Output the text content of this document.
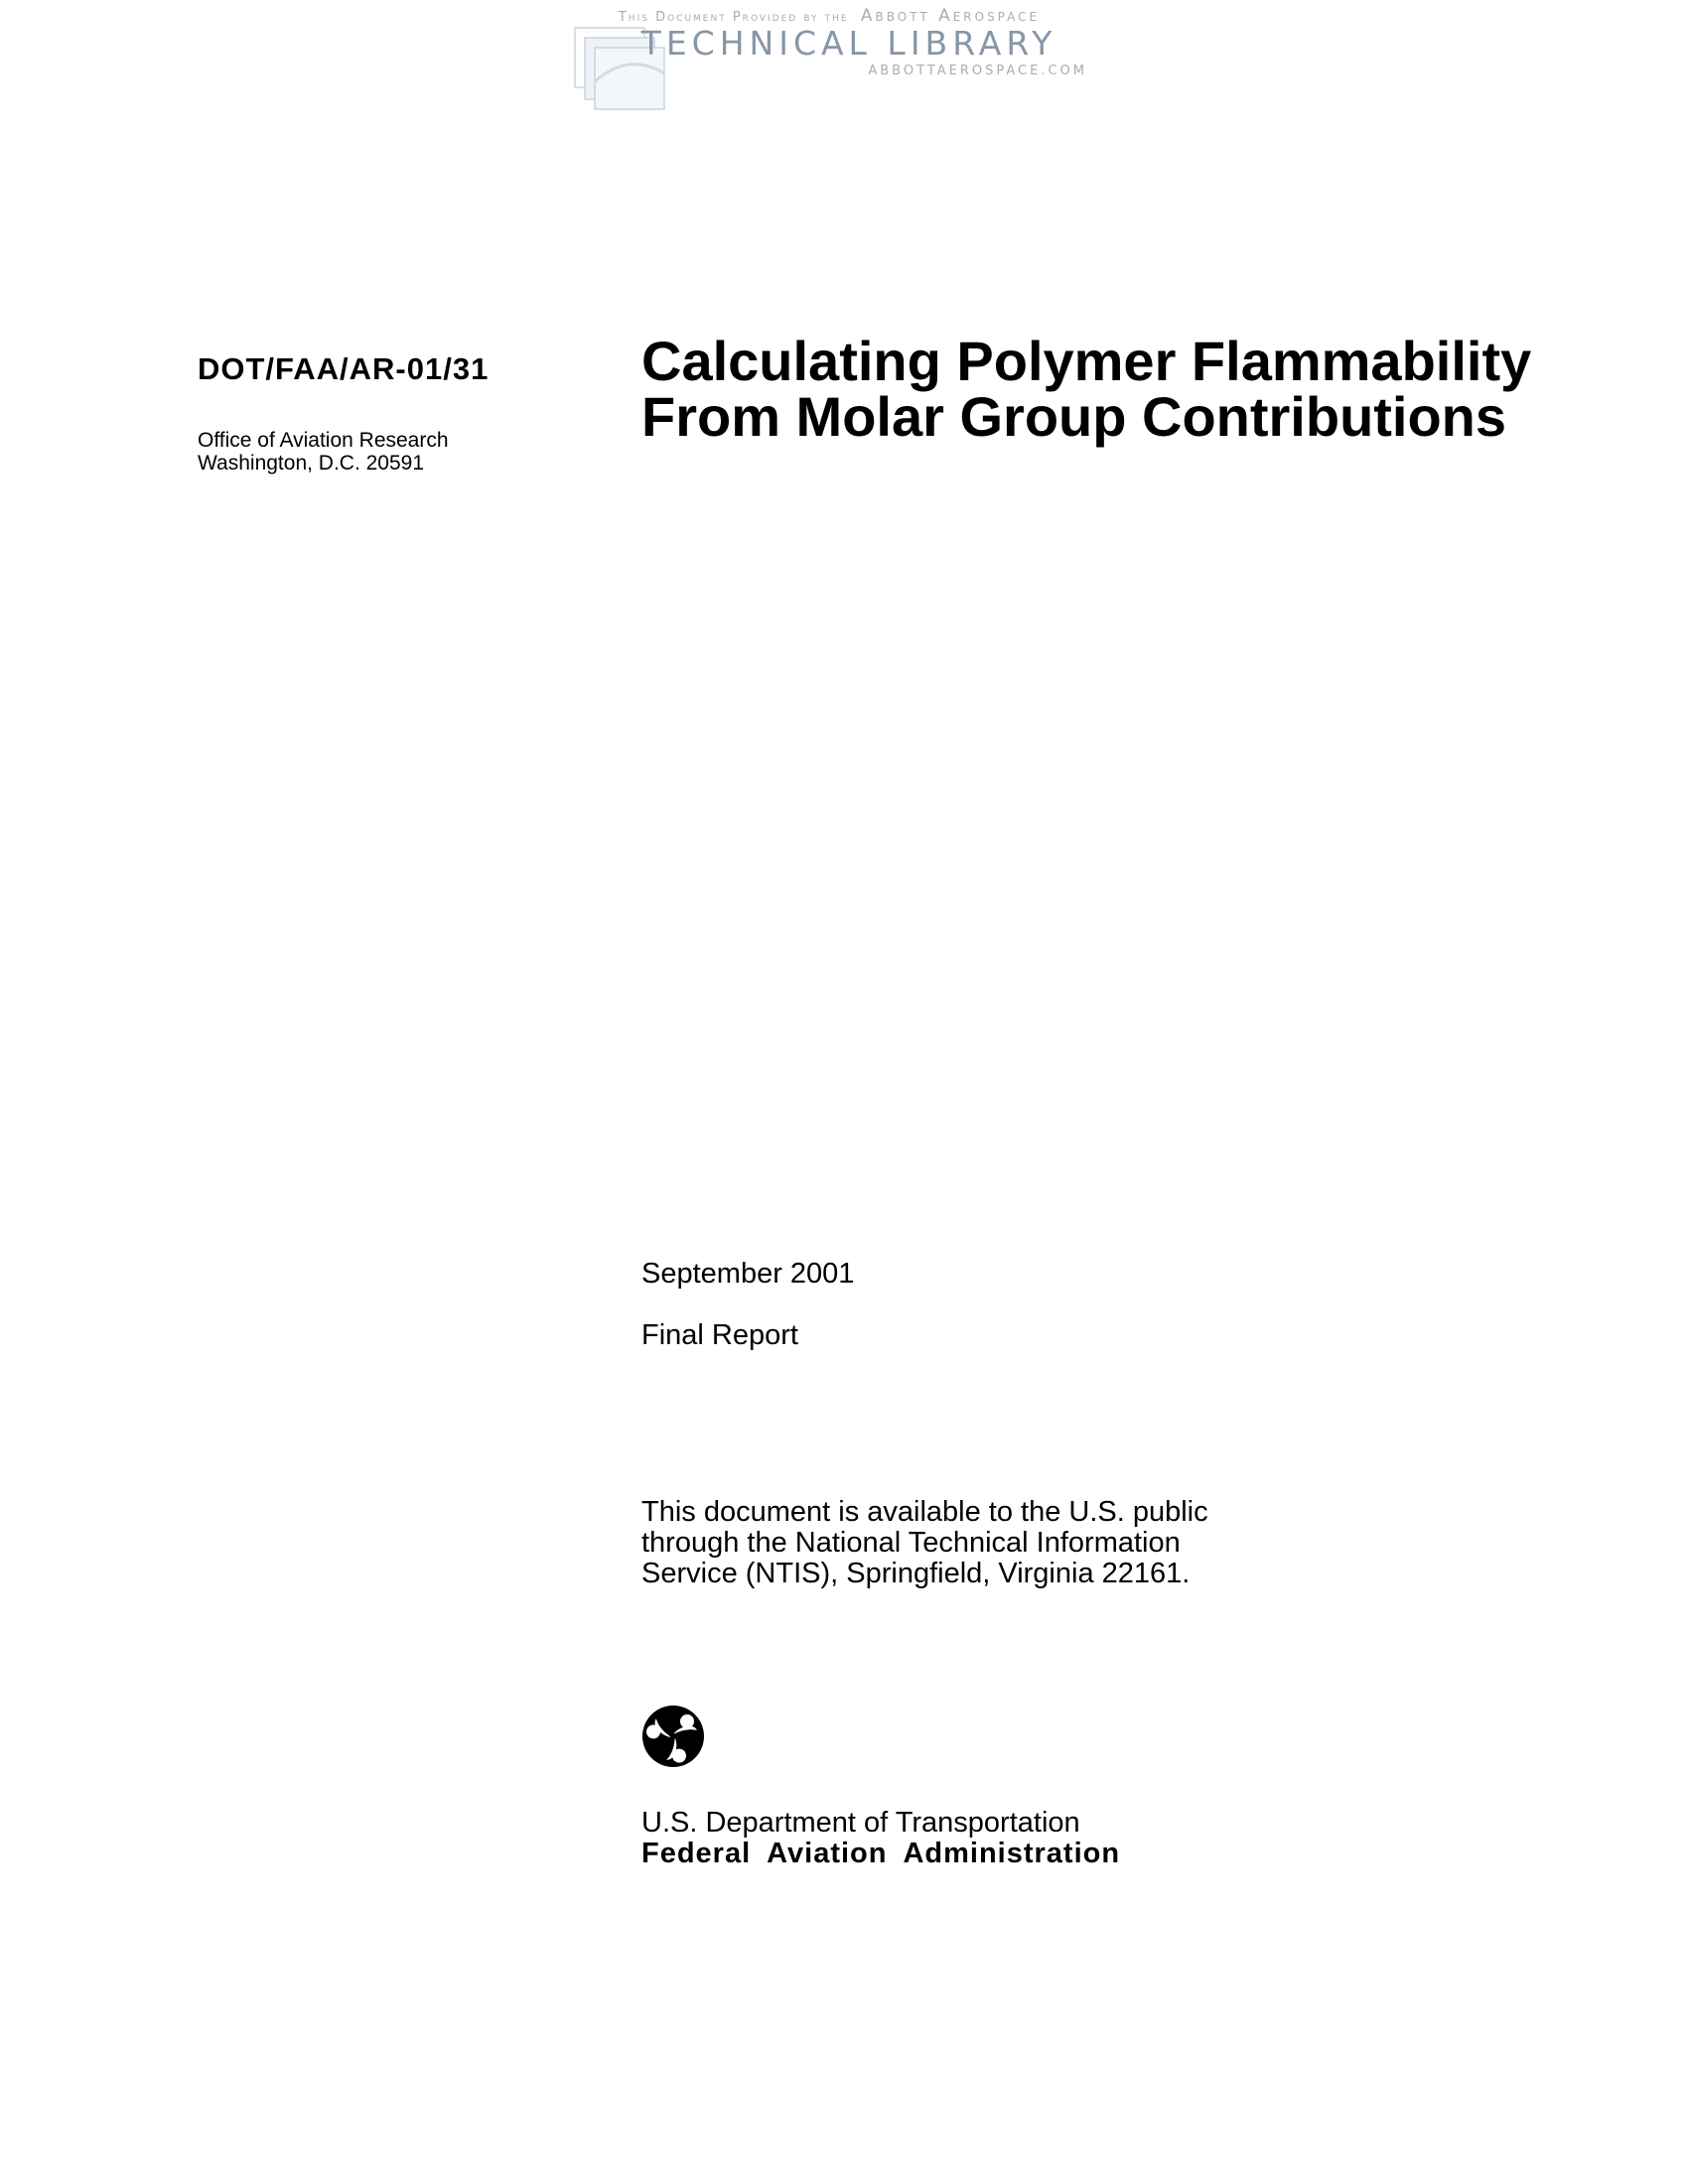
This Document Provided by the Abbott Aerospace
TECHNICAL LIBRARY
ABBOTTAEROSPACE.COM
DOT/FAA/AR-01/31
Office of Aviation Research
Washington, D.C. 20591
Calculating Polymer Flammability
From Molar Group Contributions
September 2001
Final Report
This document is available to the U.S. public
through the National Technical Information
Service (NTIS), Springfield, Virginia 22161.
U.S. Department of Transportation
Federal Aviation Administration
